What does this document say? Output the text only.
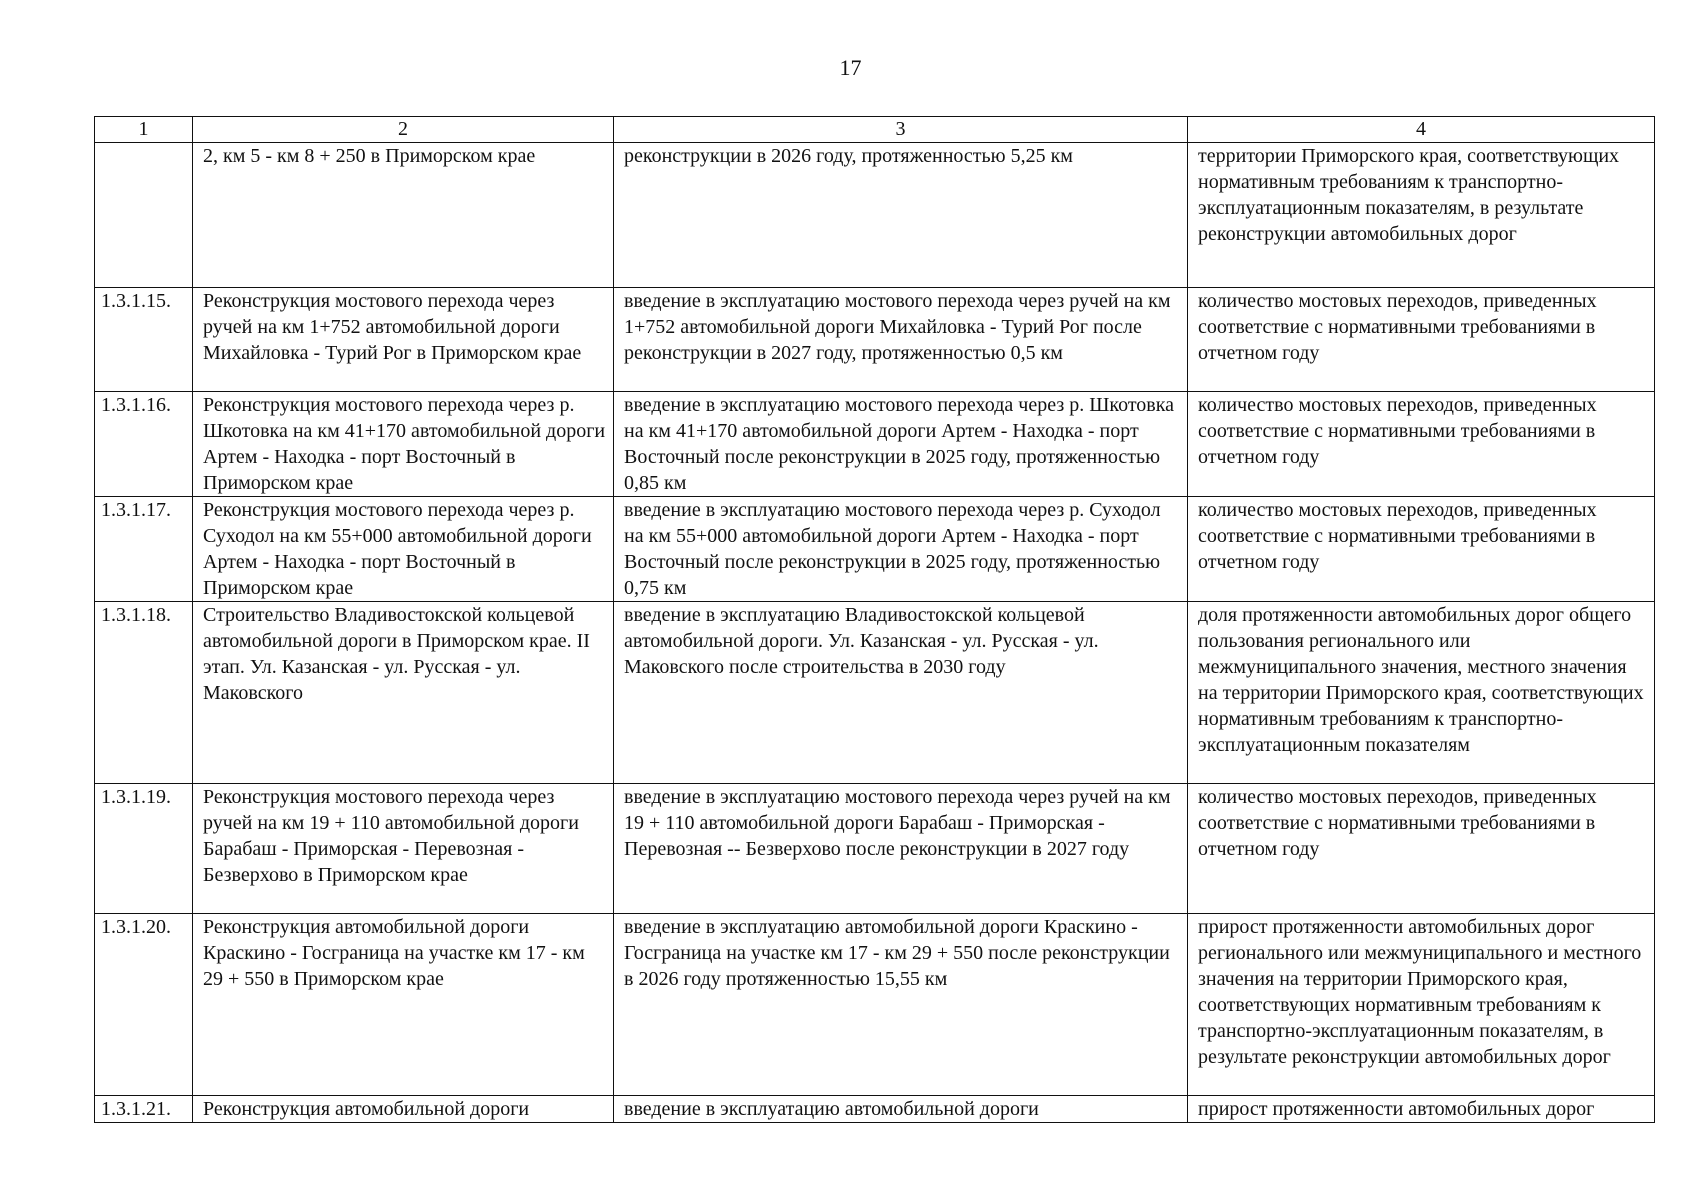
17
1	2	3	4
	2, км 5 - км 8 + 250 в Приморском крае	реконструкции в 2026 году, протяженностью 5,25 км	территории Приморского края, соответствующих нормативным требованиям к транспортно-эксплуатационным показателям, в результате реконструкции автомобильных дорог
1.3.1.15.	Реконструкция мостового перехода через ручей на км 1+752 автомобильной дороги Михайловка - Турий Рог в Приморском крае	введение в эксплуатацию мостового перехода через ручей на км 1+752 автомобильной дороги Михайловка - Турий Рог после реконструкции в 2027 году, протяженностью 0,5 км	количество мостовых переходов, приведенных соответствие с нормативными требованиями в отчетном году
1.3.1.16.	Реконструкция мостового перехода через р. Шкотовка на км 41+170 автомобильной дороги Артем - Находка - порт Восточный в Приморском крае	введение в эксплуатацию мостового перехода через р. Шкотовка на км 41+170 автомобильной дороги Артем - Находка - порт Восточный после реконструкции в 2025 году, протяженностью 0,85 км	количество мостовых переходов, приведенных соответствие с нормативными требованиями в отчетном году
1.3.1.17.	Реконструкция мостового перехода через р. Суходол на км 55+000 автомобильной дороги Артем - Находка - порт Восточный в Приморском крае	введение в эксплуатацию мостового перехода через р. Суходол на км 55+000 автомобильной дороги Артем - Находка - порт Восточный после реконструкции в 2025 году, протяженностью 0,75 км	количество мостовых переходов, приведенных соответствие с нормативными требованиями в отчетном году
1.3.1.18.	Строительство Владивостокской кольцевой автомобильной дороги в Приморском крае. II этап. Ул. Казанская - ул. Русская - ул. Маковского	введение в эксплуатацию Владивостокской кольцевой автомобильной дороги. Ул. Казанская - ул. Русская - ул. Маковского после строительства в 2030 году	доля протяженности автомобильных дорог общего пользования регионального или межмуниципального значения, местного значения на территории Приморского края, соответствующих нормативным требованиям к транспортно-эксплуатационным показателям
1.3.1.19.	Реконструкция мостового перехода через ручей на км 19 + 110 автомобильной дороги Барабаш - Приморская - Перевозная - Безверхово в Приморском крае	введение в эксплуатацию мостового перехода через ручей на км 19 + 110 автомобильной дороги Барабаш - Приморская - Перевозная -- Безверхово после реконструкции в 2027 году	количество мостовых переходов, приведенных соответствие с нормативными требованиями в отчетном году
1.3.1.20.	Реконструкция автомобильной дороги Краскино - Госграница на участке км 17 - км 29 + 550 в Приморском крае	введение в эксплуатацию автомобильной дороги Краскино - Госграница на участке км 17 - км 29 + 550 после реконструкции в 2026 году протяженностью 15,55 км	прирост протяженности автомобильных дорог регионального или межмуниципального и местного значения на территории Приморского края, соответствующих нормативным требованиям к транспортно-эксплуатационным показателям, в результате реконструкции автомобильных дорог
1.3.1.21.	Реконструкция автомобильной дороги	введение в эксплуатацию автомобильной дороги	прирост протяженности автомобильных дорог
